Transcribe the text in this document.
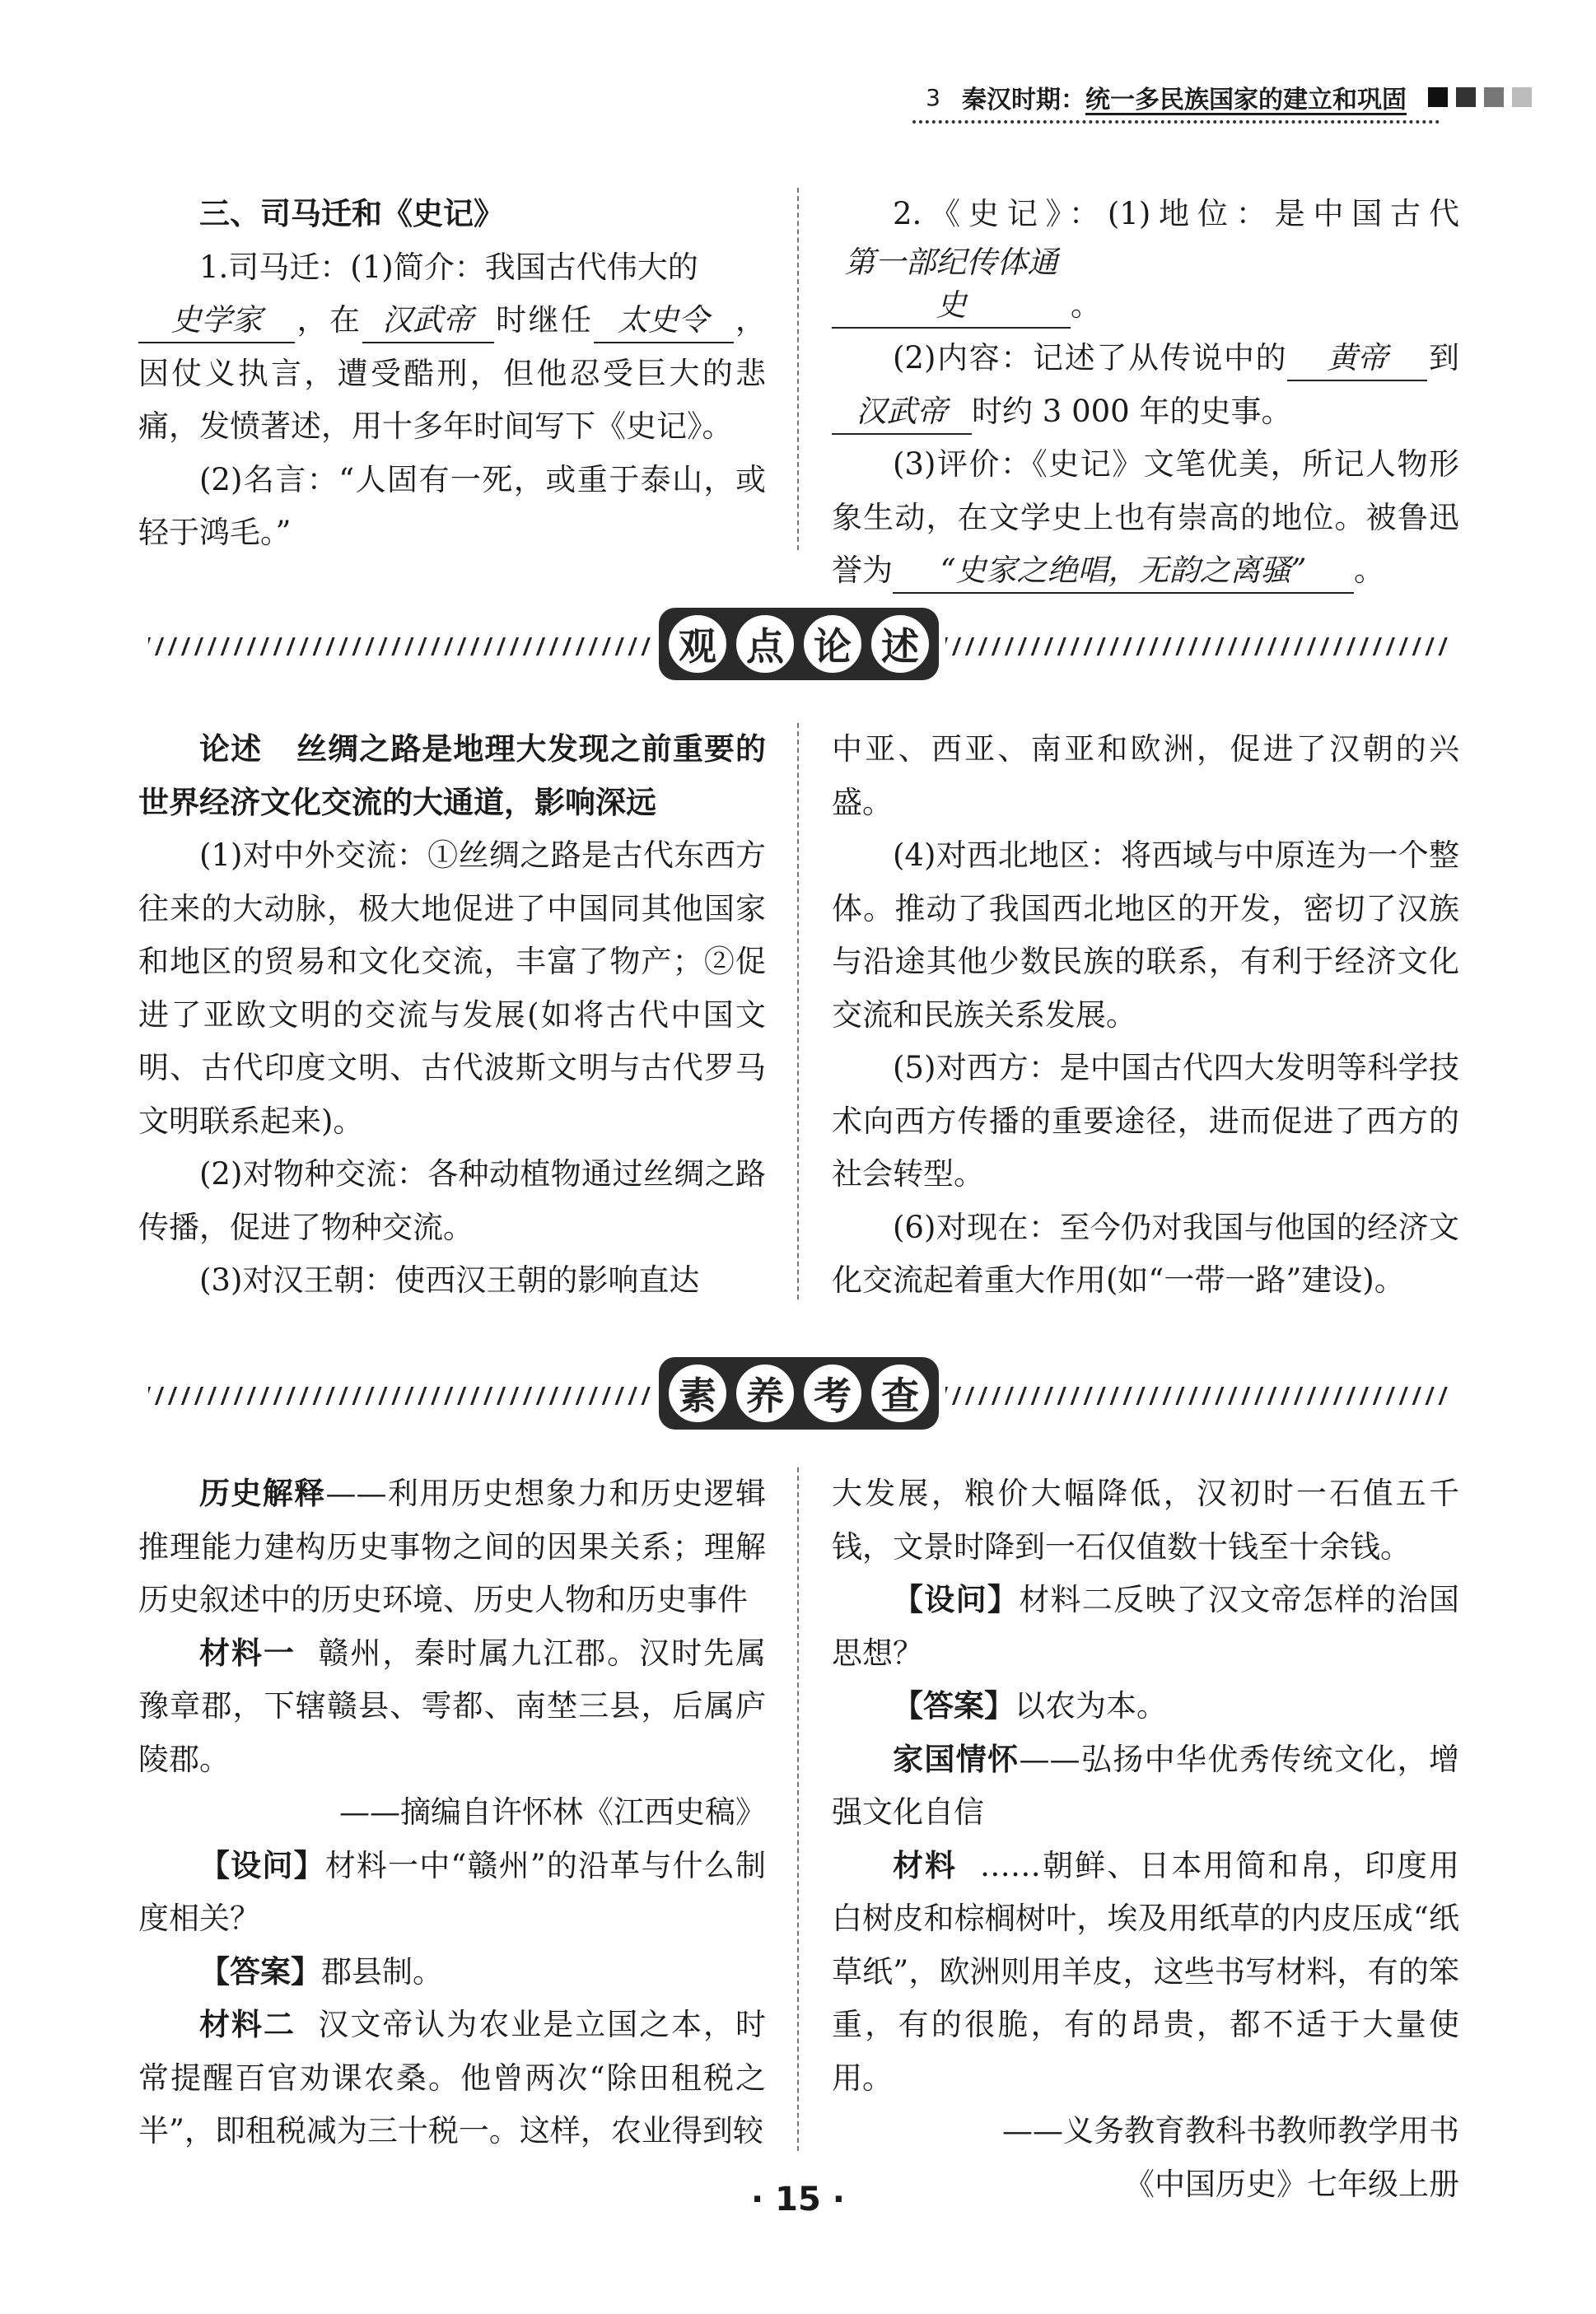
3 秦汉时期：统一多民族国家的建立和巩固

三、司马迁和《史记》

1.司马迁：(1)简介：我国古代伟大的
史学家 ，在 汉武帝 时继任 太史令 ，因仗义执言，遭受酷刑，但他忍受巨大的悲痛，发愤著述，用十多年时间写下《史记》。

(2)名言：“人固有一死，或重于泰山，或轻于鸿毛。”

2.《史记》：(1)地位：是中国古代第一部纪传体通史	。

(2)内容：记述了从传说中的 黄帝 到汉武帝 时约 3 000 年的史事。

(3)评价：《史记》文笔优美，所记人物形象生动，在文学史上也有崇高的地位。被鲁迅誉为 “史家之绝唱，无韵之离骚” 。

观 点 论 述

论述 丝绸之路是地理大发现之前重要的世界经济文化交流的大通道，影响深远

(1)对中外交流：①丝绸之路是古代东西方往来的大动脉，极大地促进了中国同其他国家和地区的贸易和文化交流，丰富了物产；②促进了亚欧文明的交流与发展(如将古代中国文明、古代印度文明、古代波斯文明与古代罗马文明联系起来)。

(2)对物种交流：各种动植物通过丝绸之路传播，促进了物种交流。

(3)对汉王朝：使西汉王朝的影响直达

中亚、西亚、南亚和欧洲，促进了汉朝的兴盛。

(4)对西北地区：将西域与中原连为一个整体。推动了我国西北地区的开发，密切了汉族与沿途其他少数民族的联系，有利于经济文化交流和民族关系发展。

(5)对西方：是中国古代四大发明等科学技术向西方传播的重要途径，进而促进了西方的社会转型。

(6)对现在：至今仍对我国与他国的经济文化交流起着重大作用(如“一带一路”建设)。

素 养 考 查

历史解释——利用历史想象力和历史逻辑推理能力建构历史事物之间的因果关系；理解历史叙述中的历史环境、历史人物和历史事件

材料一 赣州，秦时属九江郡。汉时先属豫章郡，下辖赣县、雩都、南埜三县，后属庐陵郡。

——摘编自许怀林《江西史稿》

【设问】材料一中“赣州”的沿革与什么制度相关？

【答案】郡县制。

材料二 汉文帝认为农业是立国之本，时常提醒百官劝课农桑。他曾两次“除田租税之半”，即租税减为三十税一。这样，农业得到较

大发展，粮价大幅降低，汉初时一石值五千钱，文景时降到一石仅值数十钱至十余钱。

【设问】材料二反映了汉文帝怎样的治国思想？

【答案】以农为本。

家国情怀——弘扬中华优秀传统文化，增强文化自信

材料 ……朝鲜、日本用简和帛，印度用白树皮和棕榈树叶，埃及用纸草的内皮压成“纸草纸”，欧洲则用羊皮，这些书写材料，有的笨重，有的很脆，有的昂贵，都不适于大量使用。

——义务教育教科书教师教学用书

《中国历史》七年级上册

· 15 ·
